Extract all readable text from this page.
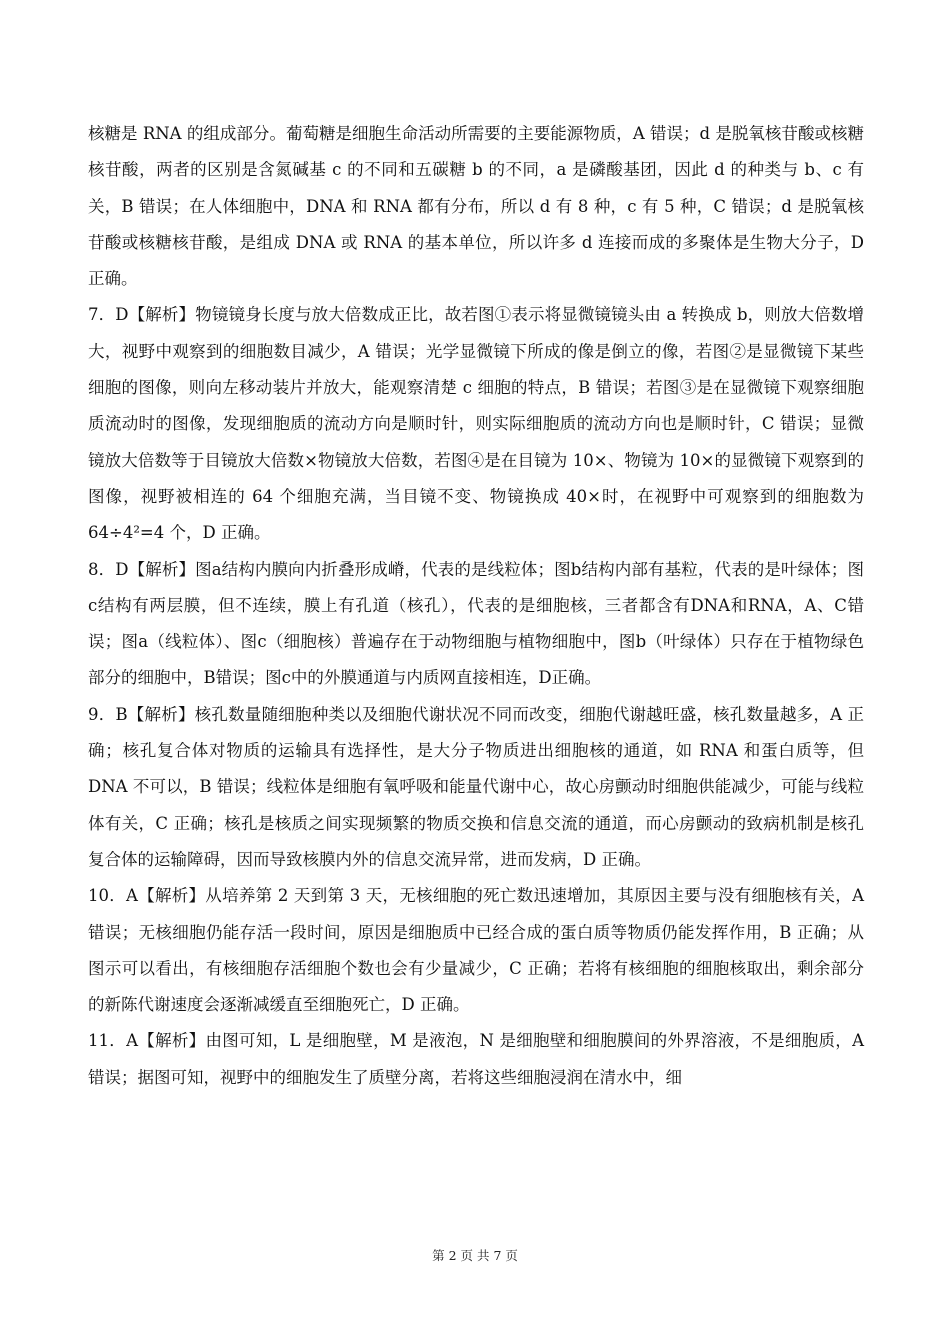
核糖是 RNA 的组成部分。葡萄糖是细胞生命活动所需要的主要能源物质，A 错误；d 是脱氧核苷酸或核糖核苷酸，两者的区别是含氮碱基 c 的不同和五碳糖 b 的不同，a 是磷酸基团，因此 d 的种类与 b、c 有关，B 错误；在人体细胞中，DNA 和 RNA 都有分布，所以 d 有 8 种，c 有 5 种，C 错误；d 是脱氧核苷酸或核糖核苷酸，是组成 DNA 或 RNA 的基本单位，所以许多 d 连接而成的多聚体是生物大分子，D 正确。

7．D【解析】物镜镜身长度与放大倍数成正比，故若图①表示将显微镜镜头由 a 转换成 b，则放大倍数增大，视野中观察到的细胞数目减少，A 错误；光学显微镜下所成的像是倒立的像，若图②是显微镜下某些细胞的图像，则向左移动装片并放大，能观察清楚 c 细胞的特点，B 错误；若图③是在显微镜下观察细胞质流动时的图像，发现细胞质的流动方向是顺时针，则实际细胞质的流动方向也是顺时针，C 错误；显微镜放大倍数等于目镜放大倍数×物镜放大倍数，若图④是在目镜为 10×、物镜为 10×的显微镜下观察到的图像，视野被相连的 64 个细胞充满，当目镜不变、物镜换成 40×时，在视野中可观察到的细胞数为 64÷4²=4 个，D 正确。

8．D【解析】图a结构内膜向内折叠形成嵴，代表的是线粒体；图b结构内部有基粒，代表的是叶绿体；图c结构有两层膜，但不连续，膜上有孔道（核孔），代表的是细胞核，三者都含有DNA和RNA，A、C错误；图a（线粒体）、图c（细胞核）普遍存在于动物细胞与植物细胞中，图b（叶绿体）只存在于植物绿色部分的细胞中，B错误；图c中的外膜通道与内质网直接相连，D正确。

9．B【解析】核孔数量随细胞种类以及细胞代谢状况不同而改变，细胞代谢越旺盛，核孔数量越多，A 正确；核孔复合体对物质的运输具有选择性，是大分子物质进出细胞核的通道，如 RNA 和蛋白质等，但 DNA 不可以，B 错误；线粒体是细胞有氧呼吸和能量代谢中心，故心房颤动时细胞供能减少，可能与线粒体有关，C 正确；核孔是核质之间实现频繁的物质交换和信息交流的通道，而心房颤动的致病机制是核孔复合体的运输障碍，因而导致核膜内外的信息交流异常，进而发病，D 正确。

10．A【解析】从培养第 2 天到第 3 天，无核细胞的死亡数迅速增加，其原因主要与没有细胞核有关，A 错误；无核细胞仍能存活一段时间，原因是细胞质中已经合成的蛋白质等物质仍能发挥作用，B 正确；从图示可以看出，有核细胞存活细胞个数也会有少量减少，C 正确；若将有核细胞的细胞核取出，剩余部分的新陈代谢速度会逐渐减缓直至细胞死亡，D 正确。

11．A【解析】由图可知，L 是细胞壁，M 是液泡，N 是细胞壁和细胞膜间的外界溶液，不是细胞质，A 错误；据图可知，视野中的细胞发生了质壁分离，若将这些细胞浸润在清水中，细

第 2 页 共 7 页
